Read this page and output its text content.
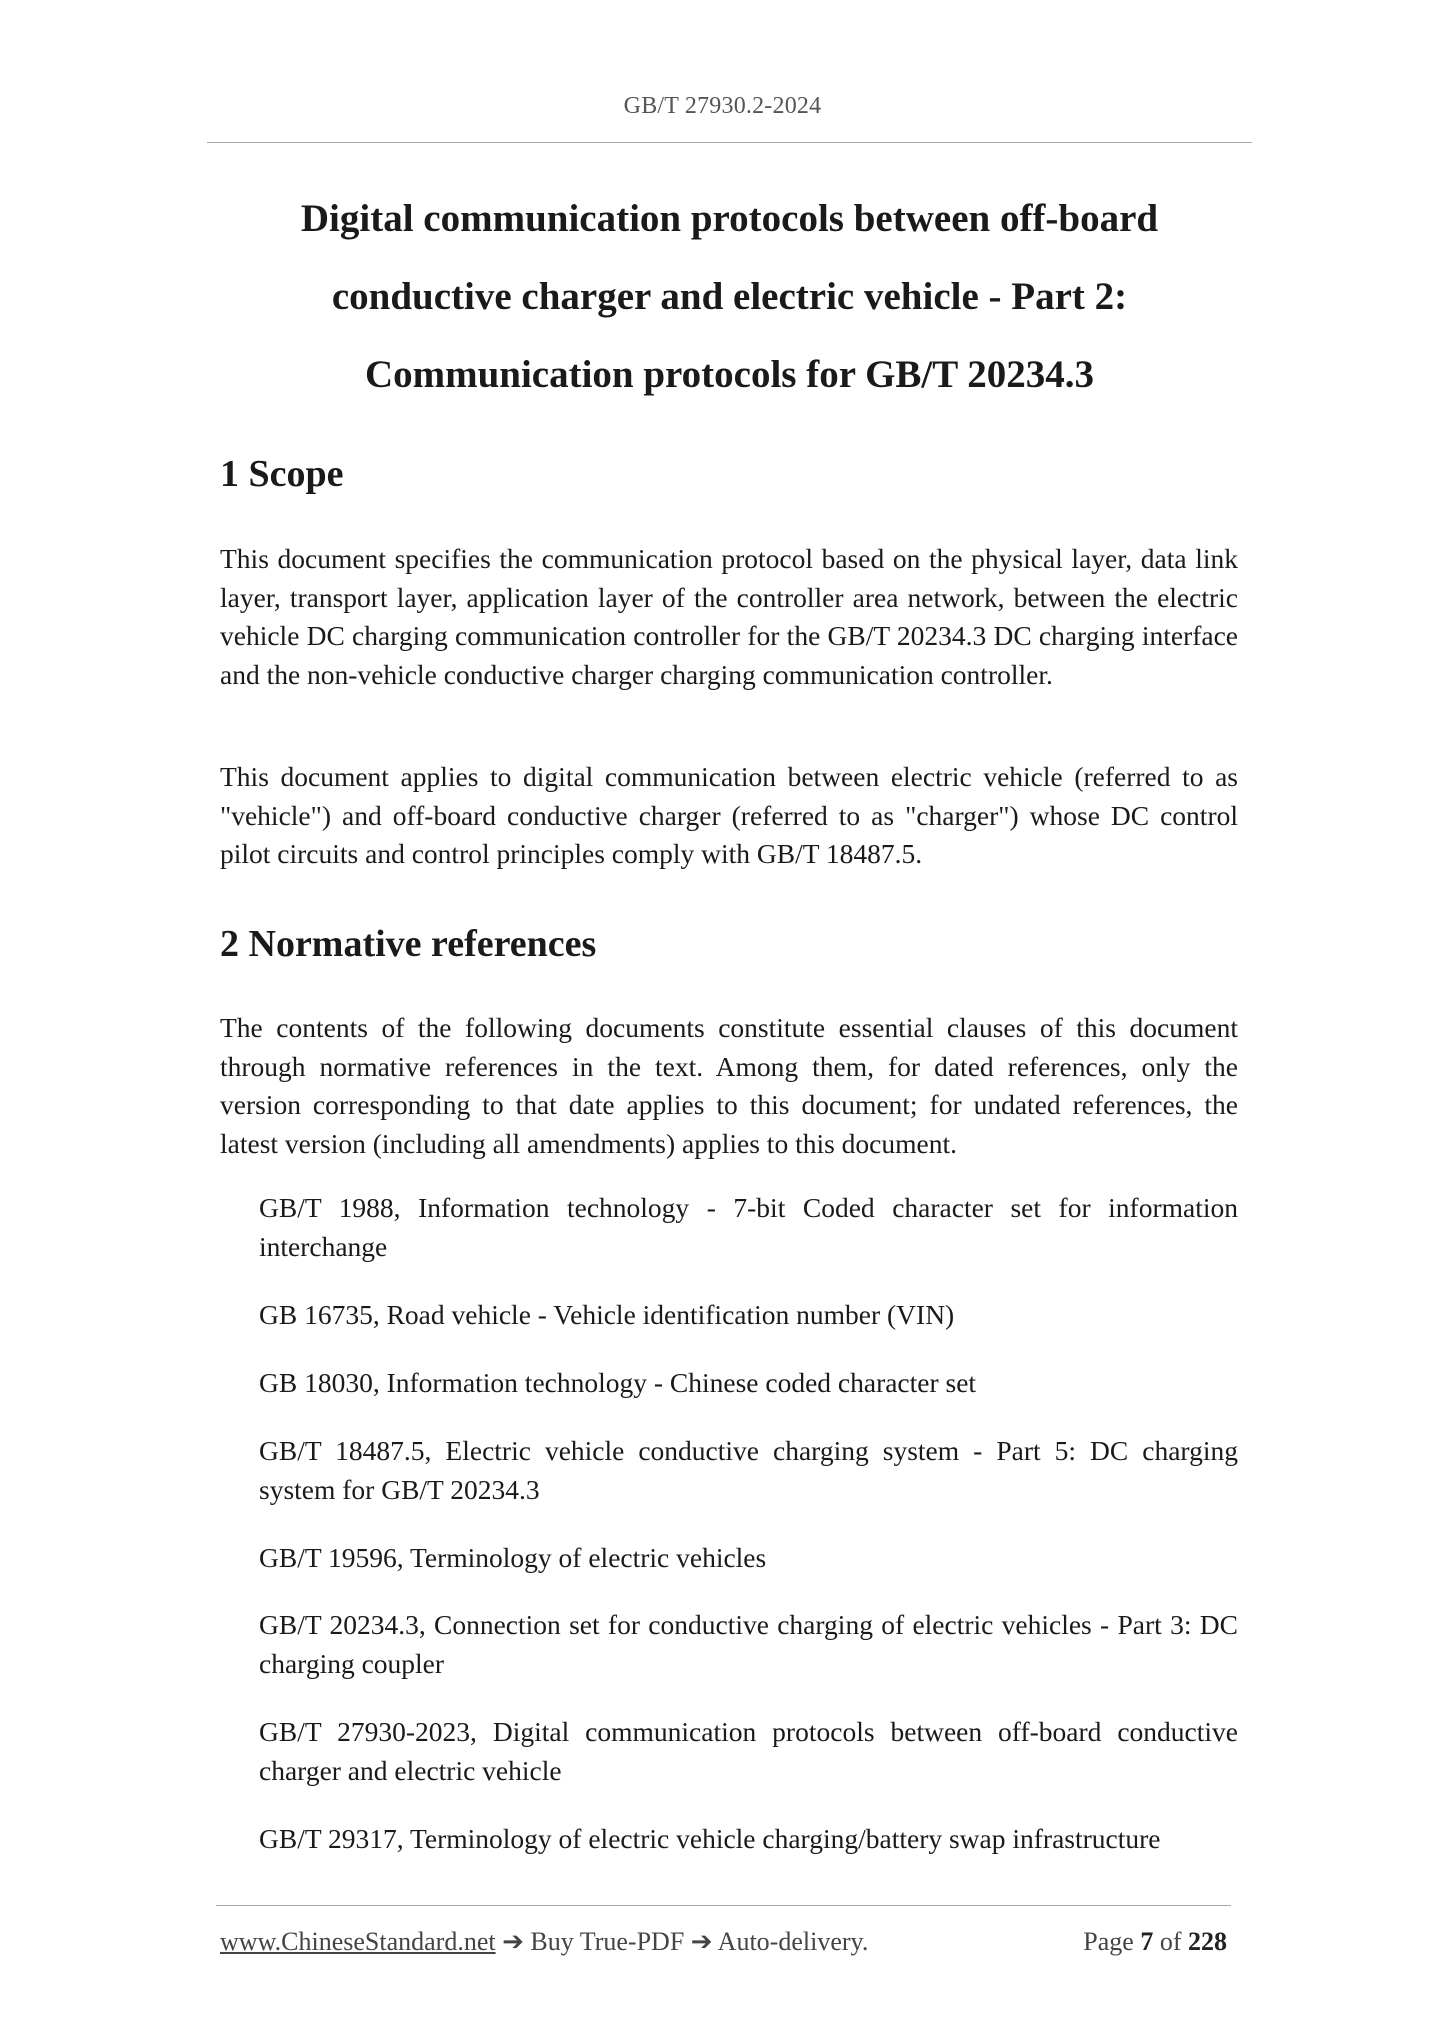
GB/T 27930.2-2024
Digital communication protocols between off-board
conductive charger and electric vehicle - Part 2:
Communication protocols for GB/T 20234.3
1 Scope

This document specifies the communication protocol based on the physical layer, data link layer, transport layer, application layer of the controller area network, between the electric vehicle DC charging communication controller for the GB/T 20234.3 DC charging interface and the non-vehicle conductive charger charging communication controller.

This document applies to digital communication between electric vehicle (referred to as "vehicle") and off-board conductive charger (referred to as "charger") whose DC control pilot circuits and control principles comply with GB/T 18487.5.

2 Normative references

The contents of the following documents constitute essential clauses of this document through normative references in the text. Among them, for dated references, only the version corresponding to that date applies to this document; for undated references, the latest version (including all amendments) applies to this document.

GB/T 1988, Information technology - 7-bit Coded character set for information interchange

GB 16735, Road vehicle - Vehicle identification number (VIN)

GB 18030, Information technology - Chinese coded character set

GB/T 18487.5, Electric vehicle conductive charging system - Part 5: DC charging system for GB/T 20234.3

GB/T 19596, Terminology of electric vehicles

GB/T 20234.3, Connection set for conductive charging of electric vehicles - Part 3: DC charging coupler

GB/T 27930-2023, Digital communication protocols between off-board conductive charger and electric vehicle

GB/T 29317, Terminology of electric vehicle charging/battery swap infrastructure

www.ChineseStandard.net ➔ Buy True-PDF ➔ Auto-delivery.	Page 7 of 228
